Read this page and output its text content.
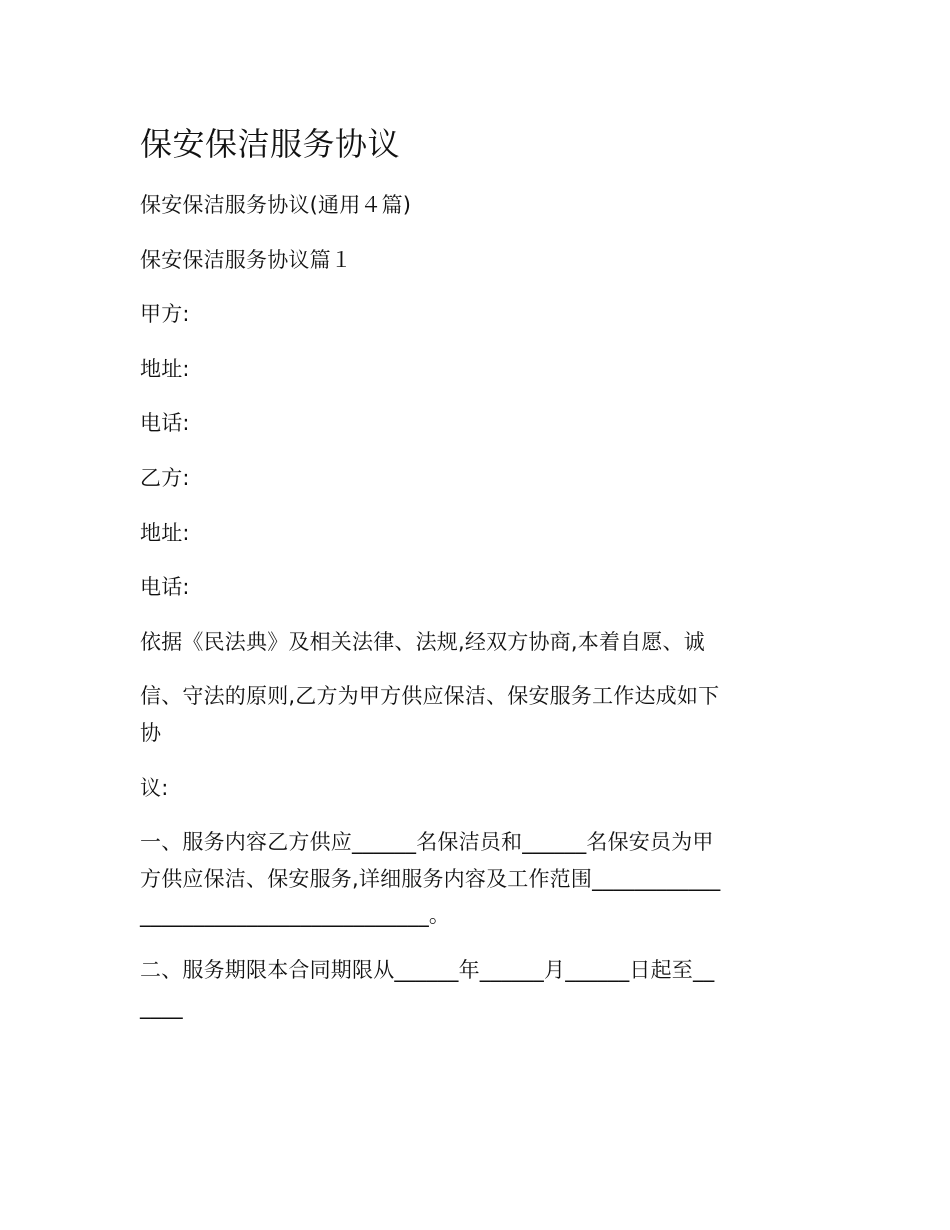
保安保洁服务协议
保安保洁服务协议(通用４篇)
保安保洁服务协议篇１
甲方:
地址:
电话:
乙方:
地址:
电话:
依据《民法典》及相关法律、法规,经双方协商,本着自愿、诚
信、守法的原则,乙方为甲方供应保洁、保安服务工作达成如下
协
议:
一、服务内容乙方供应______名保洁员和______名保安员为甲
方供应保洁、保安服务,详细服务内容及工作范围____________
___________________________。
二、服务期限本合同期限从______年______月______日起至__
____
